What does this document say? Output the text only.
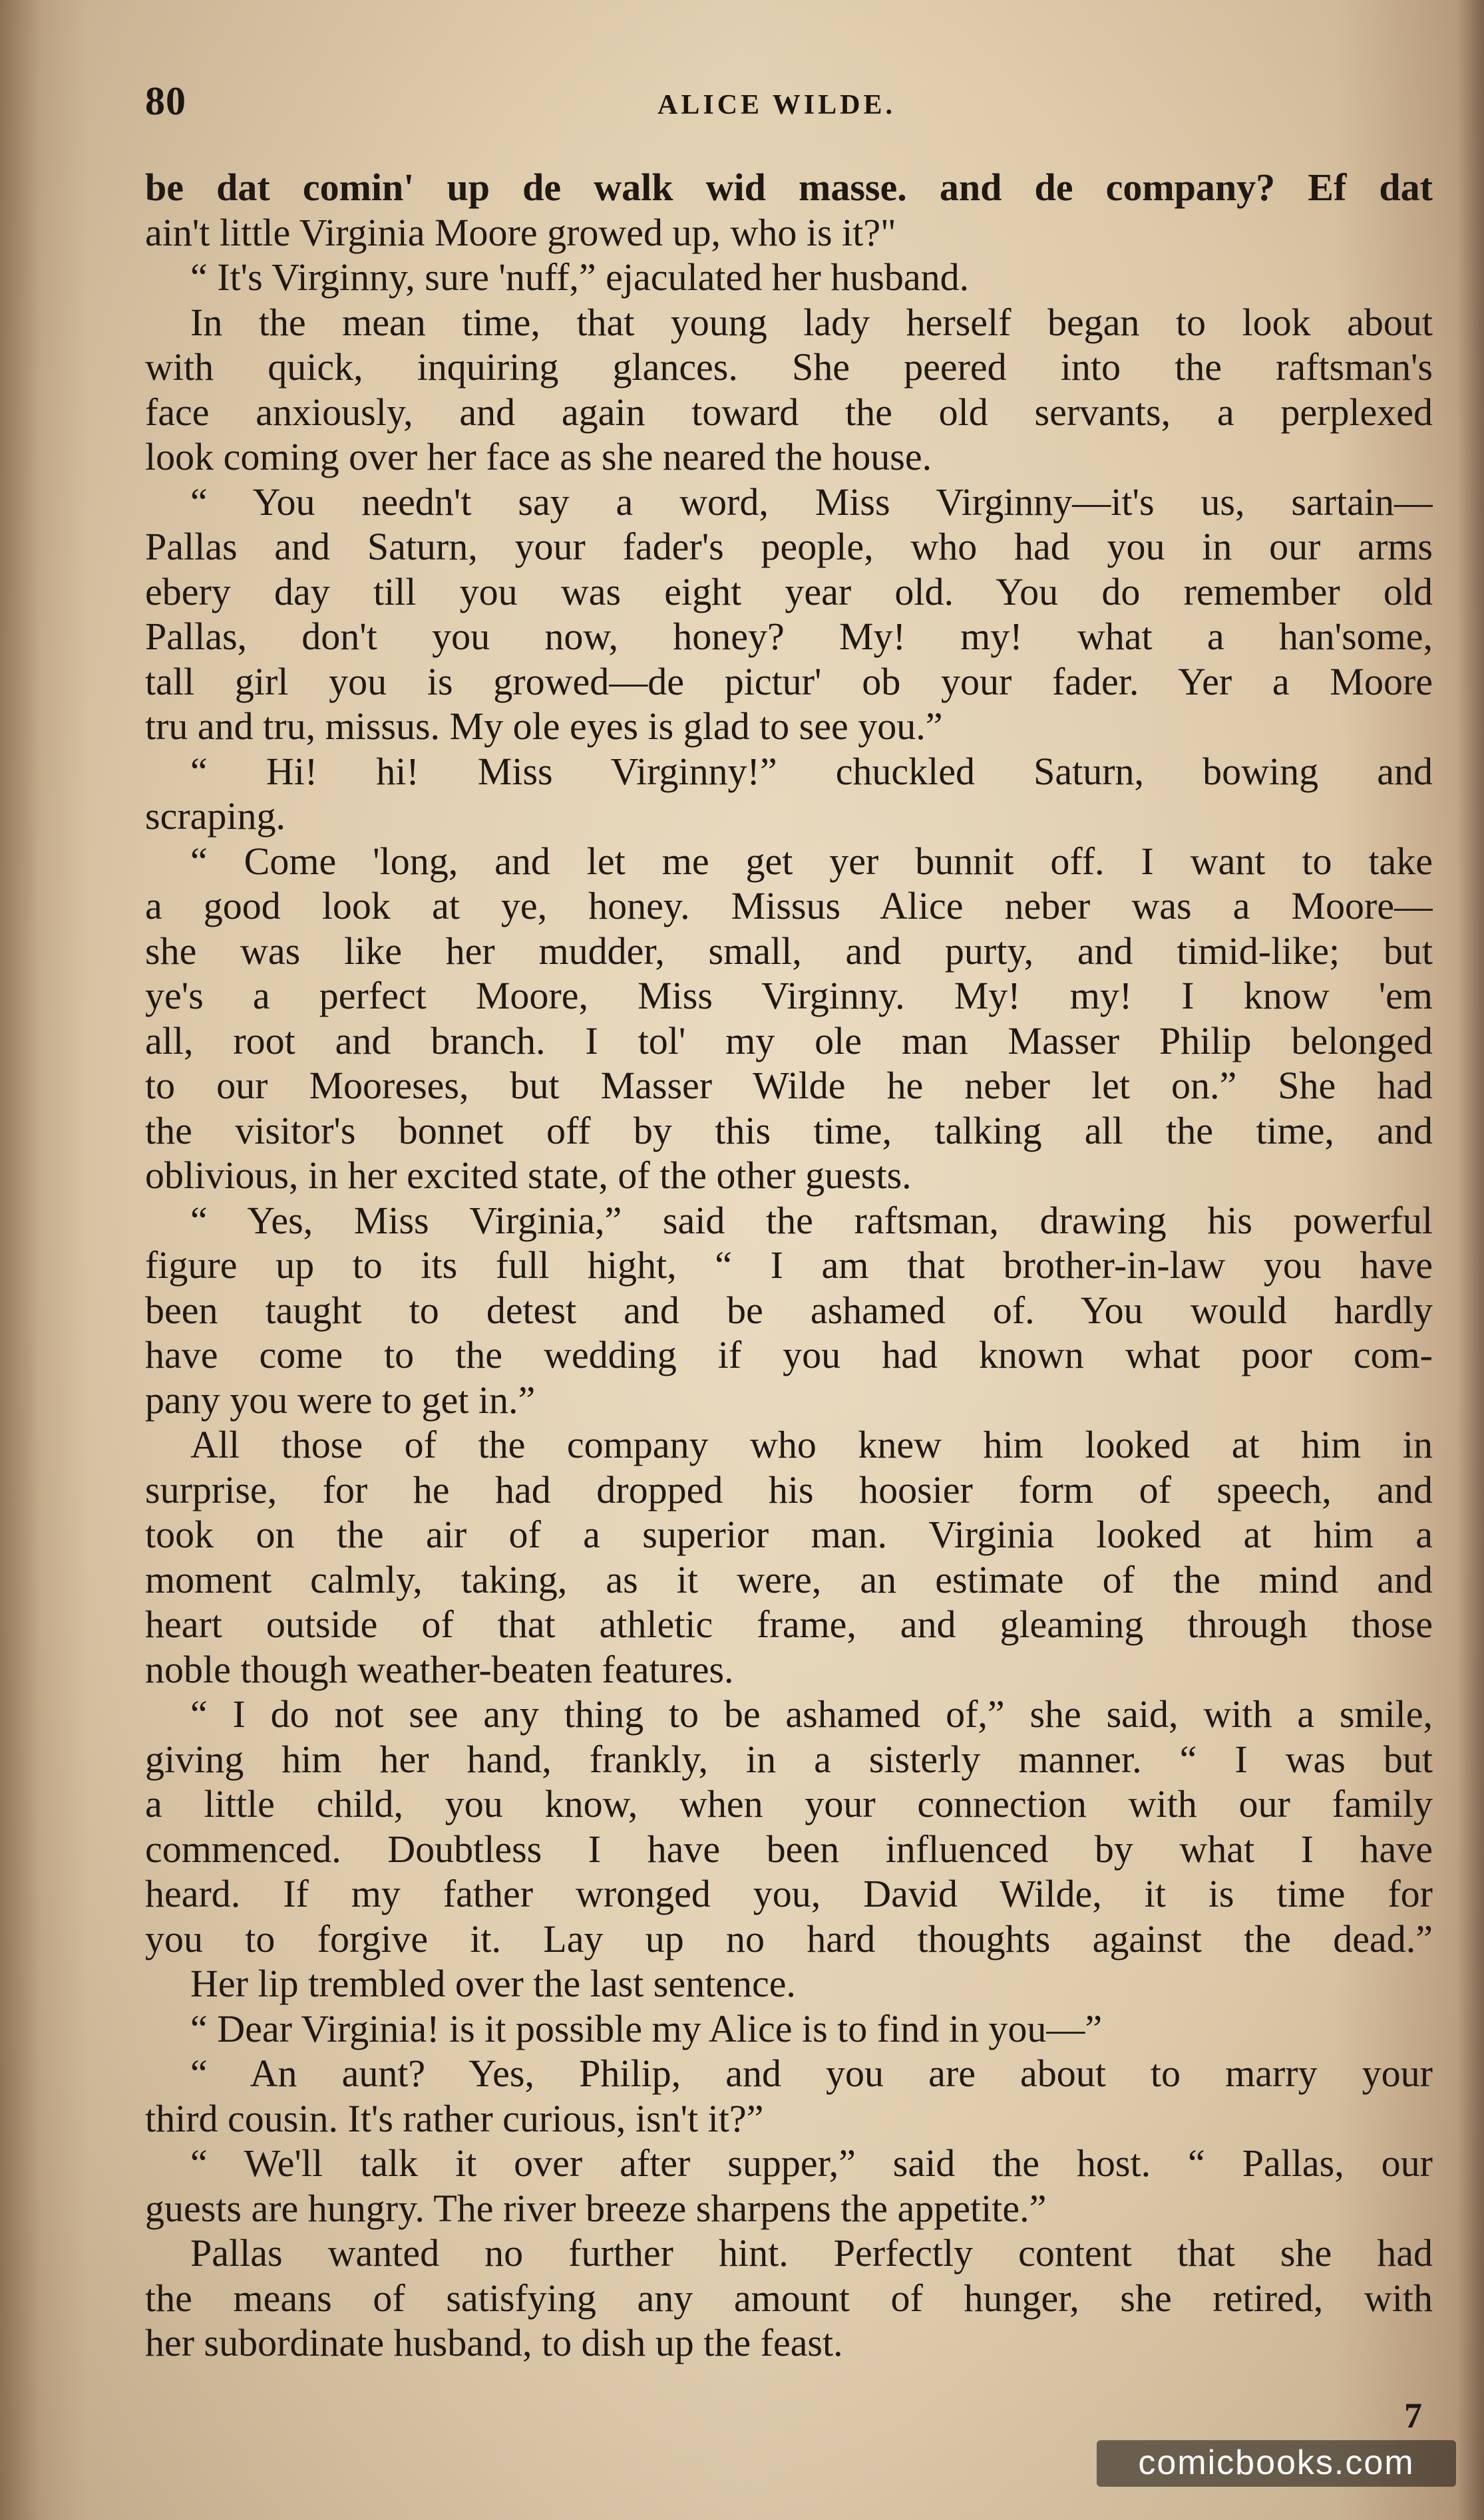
80	ALICE WILDE.
be dat comin' up de walk wid masse. and de company? Ef dat
ain't little Virginia Moore growed up, who is it?"
“ It's Virginny, sure 'nuff,” ejaculated her husband.
In the mean time, that young lady herself began to look about
with quick, inquiring glances. She peered into the raftsman's
face anxiously, and again toward the old servants, a perplexed
look coming over her face as she neared the house.
“ You needn't say a word, Miss Virginny—it's us, sartain—
Pallas and Saturn, your fader's people, who had you in our arms
ebery day till you was eight year old. You do remember old
Pallas, don't you now, honey? My! my! what a han'some,
tall girl you is growed—de pictur' ob your fader. Yer a Moore
tru and tru, missus. My ole eyes is glad to see you.”
“ Hi! hi! Miss Virginny!” chuckled Saturn, bowing and
scraping.
“ Come 'long, and let me get yer bunnit off. I want to take
a good look at ye, honey. Missus Alice neber was a Moore—
she was like her mudder, small, and purty, and timid-like; but
ye's a perfect Moore, Miss Virginny. My! my! I know 'em
all, root and branch. I tol' my ole man Masser Philip belonged
to our Mooreses, but Masser Wilde he neber let on.” She had
the visitor's bonnet off by this time, talking all the time, and
oblivious, in her excited state, of the other guests.
“ Yes, Miss Virginia,” said the raftsman, drawing his powerful
figure up to its full hight, “ I am that brother-in-law you have
been taught to detest and be ashamed of. You would hardly
have come to the wedding if you had known what poor com-
pany you were to get in.”
All those of the company who knew him looked at him in
surprise, for he had dropped his hoosier form of speech, and
took on the air of a superior man. Virginia looked at him a
moment calmly, taking, as it were, an estimate of the mind and
heart outside of that athletic frame, and gleaming through those
noble though weather-beaten features.
“ I do not see any thing to be ashamed of,” she said, with a smile,
giving him her hand, frankly, in a sisterly manner. “ I was but
a little child, you know, when your connection with our family
commenced. Doubtless I have been influenced by what I have
heard. If my father wronged you, David Wilde, it is time for
you to forgive it. Lay up no hard thoughts against the dead.”
Her lip trembled over the last sentence.
“ Dear Virginia! is it possible my Alice is to find in you—”
“ An aunt? Yes, Philip, and you are about to marry your
third cousin. It's rather curious, isn't it?”
“ We'll talk it over after supper,” said the host. “ Pallas, our
guests are hungry. The river breeze sharpens the appetite.”
Pallas wanted no further hint. Perfectly content that she had
the means of satisfying any amount of hunger, she retired, with
her subordinate husband, to dish up the feast.
7
comicbooks.com
